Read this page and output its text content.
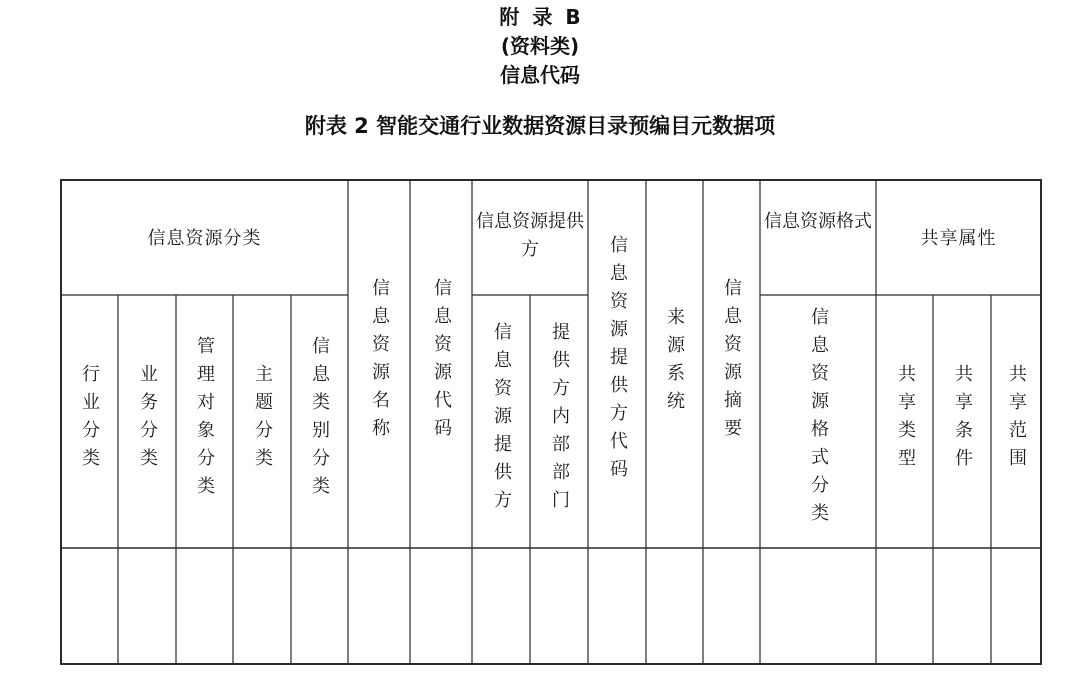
附 录 B
(资料类)
信息代码
附表 2 智能交通行业数据资源目录预编目元数据项
信息资源分类
信息资源提供方
信息资源格式
共享属性
行业分类 业务分类 管理对象分类 主题分类 信息类别分类 信息资源名称 信息资源代码 信息资源提供方 提供方内部部门 信息资源提供方代码 来源系统 信息资源摘要	信息资源格式分类	共享类型 共享条件 共享范围
